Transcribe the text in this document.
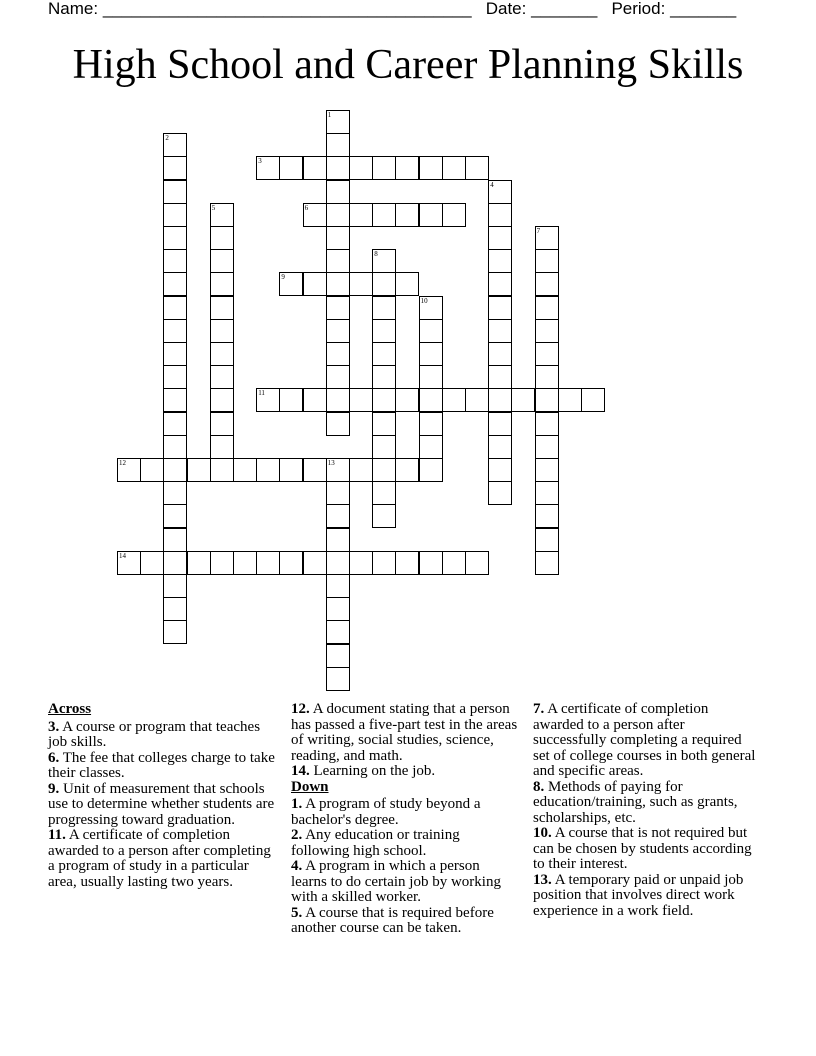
Name: _______________________________________ Date: _______ Period: _______
High School and Career Planning Skills
1
2
3
4
5	6
7
8
9
10
11
12	13
14
Across

3. A course or program that teaches job skills.

6. The fee that colleges charge to take their classes.

9. Unit of measurement that schools use to determine whether students are progressing toward graduation.

11. A certificate of completion awarded to a person after completing a program of study in a particular area, usually lasting two years.

12. A document stating that a person has passed a five-part test in the areas of writing, social studies, science, reading, and math.

14. Learning on the job.

Down

1. A program of study beyond a bachelor's degree.

2. Any education or training following high school.

4. A program in which a person learns to do certain job by working with a skilled worker.

5. A course that is required before another course can be taken.

7. A certificate of completion awarded to a person after successfully completing a required set of college courses in both general and specific areas.

8. Methods of paying for education/training, such as grants, scholarships, etc.

10. A course that is not required but can be chosen by students according to their interest.

13. A temporary paid or unpaid job position that involves direct work experience in a work field.
